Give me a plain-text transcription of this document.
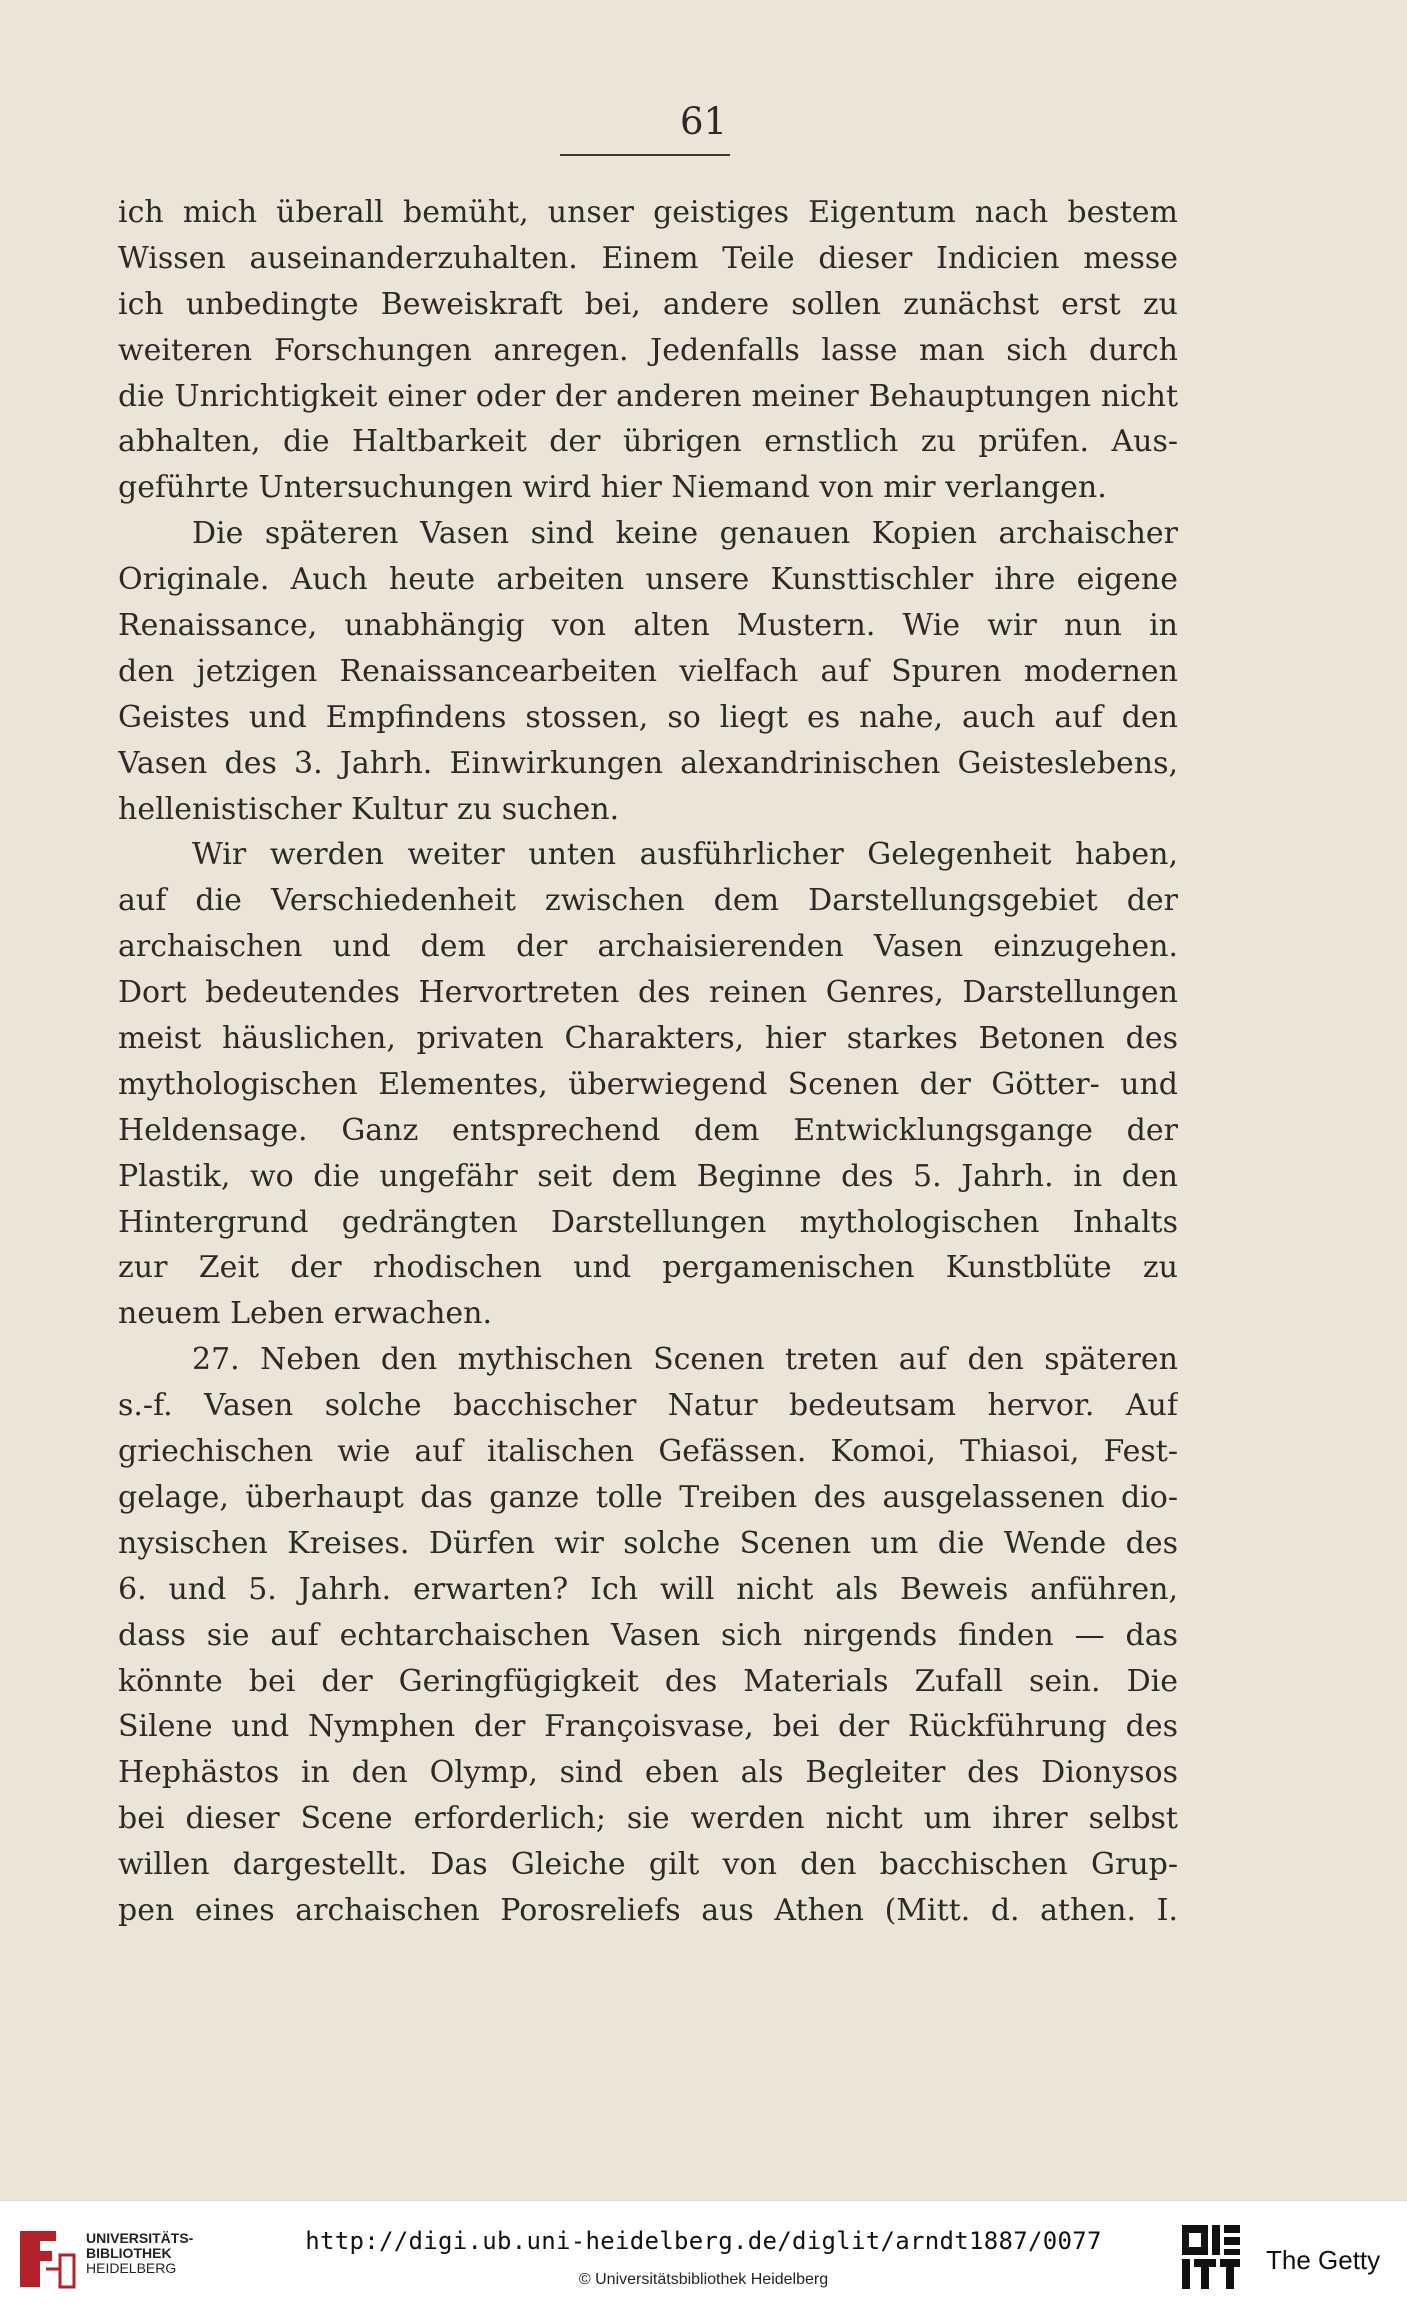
61
ich mich überall bemüht, unser geistiges Eigentum nach bestem
Wissen auseinanderzuhalten. Einem Teile dieser Indicien messe
ich unbedingte Beweiskraft bei, andere sollen zunächst erst zu
weiteren Forschungen anregen. Jedenfalls lasse man sich durch
die Unrichtigkeit einer oder der anderen meiner Behauptungen nicht
abhalten, die Haltbarkeit der übrigen ernstlich zu prüfen. Aus-
geführte Untersuchungen wird hier Niemand von mir verlangen.
Die späteren Vasen sind keine genauen Kopien archaischer
Originale. Auch heute arbeiten unsere Kunsttischler ihre eigene
Renaissance, unabhängig von alten Mustern. Wie wir nun in
den jetzigen Renaissancearbeiten vielfach auf Spuren modernen
Geistes und Empfindens stossen, so liegt es nahe, auch auf den
Vasen des 3. Jahrh. Einwirkungen alexandrinischen Geisteslebens,
hellenistischer Kultur zu suchen.
Wir werden weiter unten ausführlicher Gelegenheit haben,
auf die Verschiedenheit zwischen dem Darstellungsgebiet der
archaischen und dem der archaisierenden Vasen einzugehen.
Dort bedeutendes Hervortreten des reinen Genres, Darstellungen
meist häuslichen, privaten Charakters, hier starkes Betonen des
mythologischen Elementes, überwiegend Scenen der Götter- und
Heldensage. Ganz entsprechend dem Entwicklungsgange der
Plastik, wo die ungefähr seit dem Beginne des 5. Jahrh. in den
Hintergrund gedrängten Darstellungen mythologischen Inhalts
zur Zeit der rhodischen und pergamenischen Kunstblüte zu
neuem Leben erwachen.
27. Neben den mythischen Scenen treten auf den späteren
s.-f. Vasen solche bacchischer Natur bedeutsam hervor. Auf
griechischen wie auf italischen Gefässen. Komoi, Thiasoi, Fest-
gelage, überhaupt das ganze tolle Treiben des ausgelassenen dio-
nysischen Kreises. Dürfen wir solche Scenen um die Wende des
6. und 5. Jahrh. erwarten? Ich will nicht als Beweis anführen,
dass sie auf echtarchaischen Vasen sich nirgends finden — das
könnte bei der Geringfügigkeit des Materials Zufall sein. Die
Silene und Nymphen der Françoisvase, bei der Rückführung des
Hephästos in den Olymp, sind eben als Begleiter des Dionysos
bei dieser Scene erforderlich; sie werden nicht um ihrer selbst
willen dargestellt. Das Gleiche gilt von den bacchischen Grup-
pen eines archaischen Porosreliefs aus Athen (Mitt. d. athen. I.
UNIVERSITÄTS-
BIBLIOTHEK
HEIDELBERG
http://digi.ub.uni-heidelberg.de/diglit/arndt1887/0077
© Universitätsbibliothek Heidelberg
The Getty
